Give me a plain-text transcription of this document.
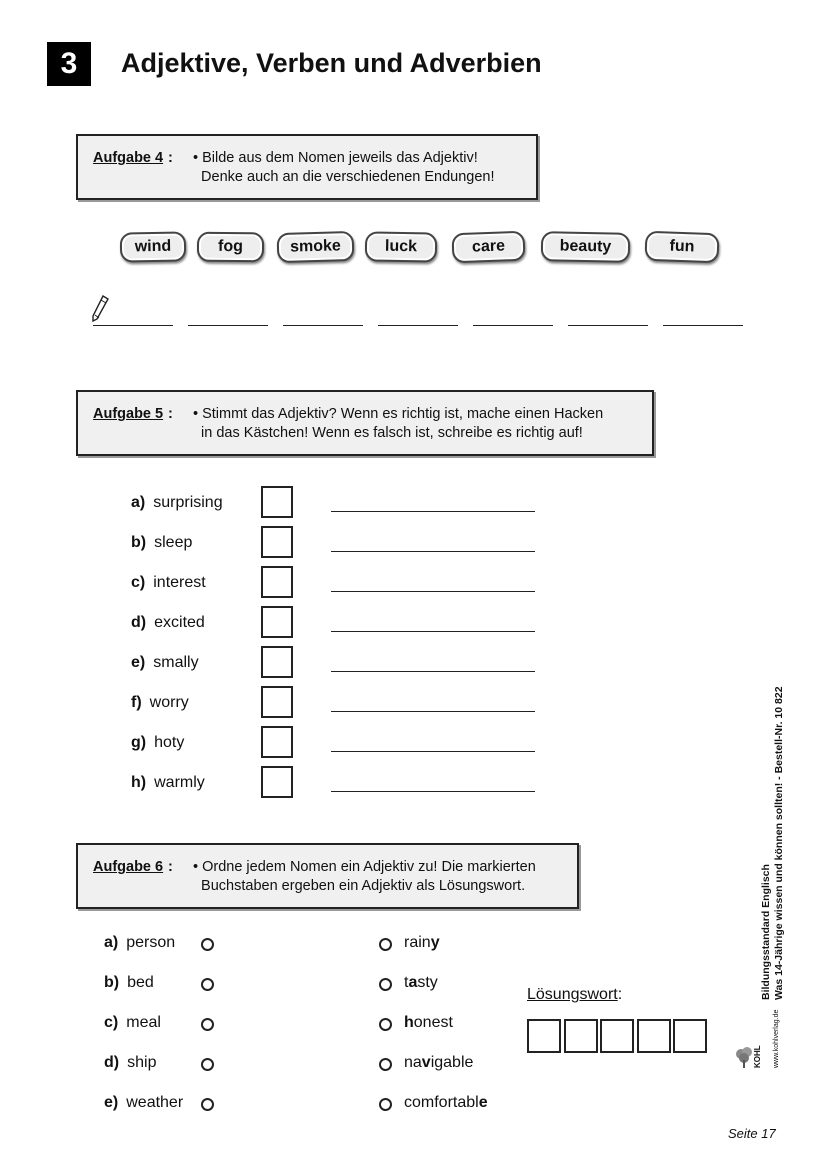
3	Adjektive, Verben und Adverbien
Aufgabe 4 : • Bilde aus dem Nomen jeweils das Adjektiv!
Denke auch an die verschiedenen Endungen!
wind	fog	smoke	luck	care	beauty	fun
Aufgabe 5 : • Stimmt das Adjektiv? Wenn es richtig ist, mache einen Hacken
in das Kästchen! Wenn es falsch ist, schreibe es richtig auf!
a) surprising
b) sleep
c) interest
d) excited
e) smally
f) worry
g) hoty
h) warmly
Aufgabe 6 : • Ordne jedem Nomen ein Adjektiv zu! Die markierten
Buchstaben ergeben ein Adjektiv als Lösungswort.
a) person
b) bed
c) meal
d) ship
e) weather
rainy
tasty
honest
navigable
comfortable
Lösungswort:	Bildungsstandard Englisch Was 14-Jährige wissen und können sollten! - Bestell-Nr. 10 822
KOHL www.kohlverlag.de
Seite 17
